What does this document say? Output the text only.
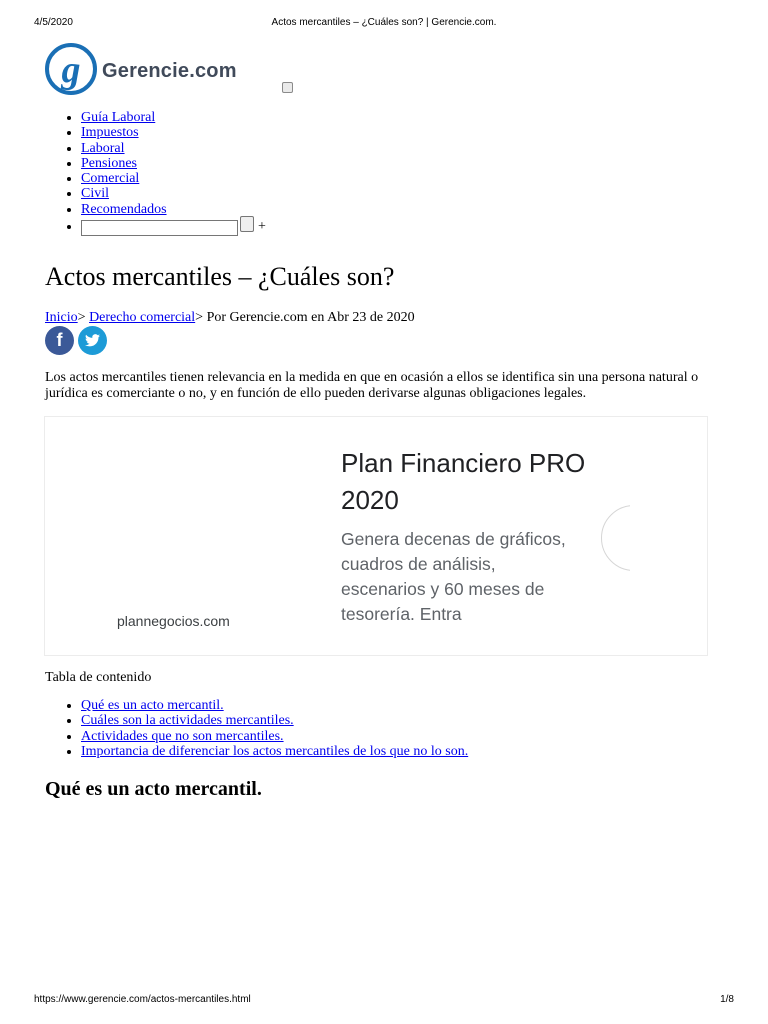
4/5/2020	Actos mercantiles – ¿Cuáles son? | Gerencie.com.
g Gerencie.com
• Guía Laboral
• Impuestos
• Laboral
• Pensiones
• Comercial
• Civil
• Recomendados
• +
Actos mercantiles – ¿Cuáles son?
Inicio> Derecho comercial> Por Gerencie.com en Abr 23 de 2020
f

Los actos mercantiles tienen relevancia en la medida en que en ocasión a ellos se identifica sin una persona natural o jurídica es comerciante o no, y en función de ello pueden derivarse algunas obligaciones legales.

Plan Financiero PRO 2020

Genera decenas de gráficos, cuadros de análisis, escenarios y 60 meses de tesorería. Entra

plannegocios.com
Tabla de contenido
• Qué es un acto mercantil.
• Cuáles son la actividades mercantiles.
• Actividades que no son mercantiles.
• Importancia de diferenciar los actos mercantiles de los que no lo son.
Qué es un acto mercantil.
https://www.gerencie.com/actos-mercantiles.html	1/8
